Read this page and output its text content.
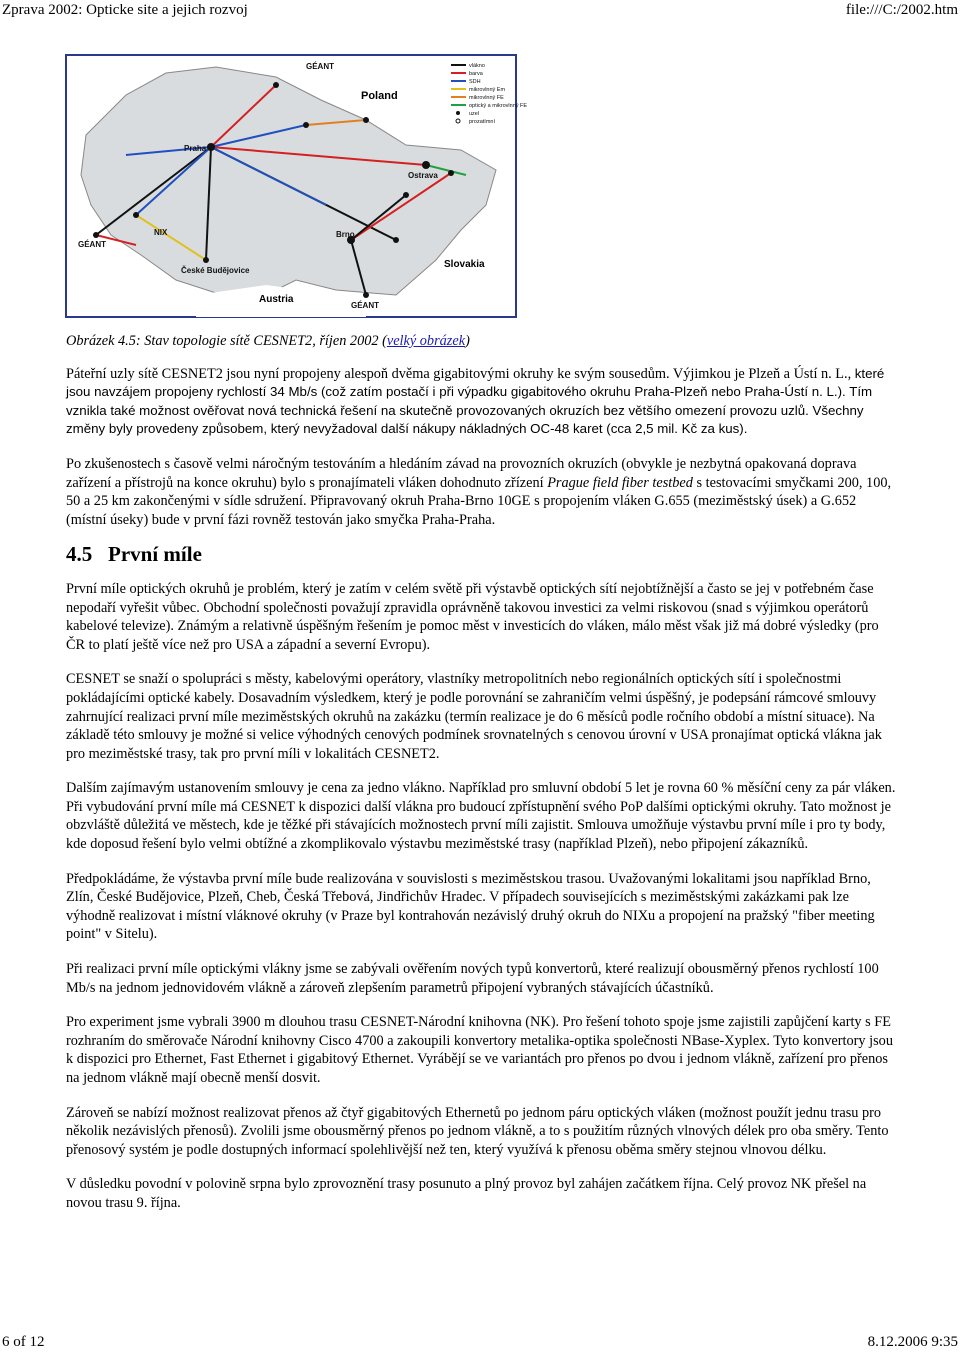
Zprava 2002: Opticke site a jejich rozvoj	file:///C:/2002.htm
Poland
Slovakia
Austria
Praha
Ostrava
Brno
NIX
České Budějovice
GÉANT
GÉANT
GÉANT	vlákno
barva
SDH
mikrovlnný Em
mikrovlnný FE
optický a mikrovlnný FE
uzel
prozatímní

Obrázek 4.5: Stav topologie sítě CESNET2, říjen 2002 (velký obrázek)

Páteřní uzly sítě CESNET2 jsou nyní propojeny alespoň dvěma gigabitovými okruhy ke svým sousedům. Výjimkou je Plzeň a Ústí n. L., které jsou navzájem propojeny rychlostí 34 Mb/s (což zatím postačí i při výpadku gigabitového okruhu Praha-Plzeň nebo Praha-Ústí n. L.). Tím vznikla také možnost ověřovat nová technická řešení na skutečně provozovaných okruzích bez většího omezení provozu uzlů. Všechny změny byly provedeny způsobem, který nevyžadoval další nákupy nákladných OC-48 karet (cca 2,5 mil. Kč za kus).

Po zkušenostech s časově velmi náročným testováním a hledáním závad na provozních okruzích (obvykle je nezbytná opakovaná doprava zařízení a přístrojů na konce okruhu) bylo s pronajímateli vláken dohodnuto zřízení Prague field fiber testbed s testovacími smyčkami 200, 100, 50 a 25 km zakončenými v sídle sdružení. Připravovaný okruh Praha-Brno 10GE s propojením vláken G.655 (meziměstský úsek) a G.652 (místní úseky) bude v první fázi rovněž testován jako smyčka Praha-Praha.

4.5 První míle

První míle optických okruhů je problém, který je zatím v celém světě při výstavbě optických sítí nejobtížnější a často se jej v potřebném čase nepodaří vyřešit vůbec. Obchodní společnosti považují zpravidla oprávněně takovou investici za velmi riskovou (snad s výjimkou operátorů kabelové televize). Známým a relativně úspěšným řešením je pomoc měst v investicích do vláken, málo měst však již má dobré výsledky (pro ČR to platí ještě více než pro USA a západní a severní Evropu).

CESNET se snaží o spolupráci s městy, kabelovými operátory, vlastníky metropolitních nebo regionálních optických sítí i společnostmi pokládajícími optické kabely. Dosavadním výsledkem, který je podle porovnání se zahraničím velmi úspěšný, je podepsání rámcové smlouvy zahrnující realizaci první míle meziměstských okruhů na zakázku (termín realizace je do 6 měsíců podle ročního období a místní situace). Na základě této smlouvy je možné si velice výhodných cenových podmínek srovnatelných s cenovou úrovní v USA pronajímat optická vlákna jak pro meziměstské trasy, tak pro první míli v lokalitách CESNET2.

Dalším zajímavým ustanovením smlouvy je cena za jedno vlákno. Například pro smluvní období 5 let je rovna 60 % měsíční ceny za pár vláken. Při vybudování první míle má CESNET k dispozici další vlákna pro budoucí zpřístupnění svého PoP dalšími optickými okruhy. Tato možnost je obzvláště důležitá ve městech, kde je těžké při stávajících možnostech první míli zajistit. Smlouva umožňuje výstavbu první míle i pro ty body, kde doposud řešení bylo velmi obtížné a zkomplikovalo výstavbu meziměstské trasy (například Plzeň), nebo připojení zákazníků.

Předpokládáme, že výstavba první míle bude realizována v souvislosti s meziměstskou trasou. Uvažovanými lokalitami jsou například Brno, Zlín, České Budějovice, Plzeň, Cheb, Česká Třebová, Jindřichův Hradec. V případech souvisejících s meziměstskými zakázkami pak lze výhodně realizovat i místní vláknové okruhy (v Praze byl kontrahován nezávislý druhý okruh do NIXu a propojení na pražský "fiber meeting point" v Sitelu).

Při realizaci první míle optickými vlákny jsme se zabývali ověřením nových typů konvertorů, které realizují obousměrný přenos rychlostí 100 Mb/s na jednom jednovidovém vlákně a zároveň zlepšením parametrů připojení vybraných stávajících účastníků.

Pro experiment jsme vybrali 3900 m dlouhou trasu CESNET-Národní knihovna (NK). Pro řešení tohoto spoje jsme zajistili zapůjčení karty s FE rozhraním do směrovače Národní knihovny Cisco 4700 a zakoupili konvertory metalika-optika společnosti NBase-Xyplex. Tyto konvertory jsou k dispozici pro Ethernet, Fast Ethernet i gigabitový Ethernet. Vyrábějí se ve variantách pro přenos po dvou i jednom vlákně, zařízení pro přenos na jednom vlákně mají obecně menší dosvit.

Zároveň se nabízí možnost realizovat přenos až čtyř gigabitových Ethernetů po jednom páru optických vláken (možnost použít jednu trasu pro několik nezávislých přenosů). Zvolili jsme obousměrný přenos po jednom vlákně, a to s použitím různých vlnových délek pro oba směry. Tento přenosový systém je podle dostupných informací spolehlivější než ten, který využívá k přenosu oběma směry stejnou vlnovou délku.

V důsledku povodní v polovině srpna bylo zprovoznění trasy posunuto a plný provoz byl zahájen začátkem října. Celý provoz NK přešel na novou trasu 9. října.

6 of 12	8.12.2006 9:35
